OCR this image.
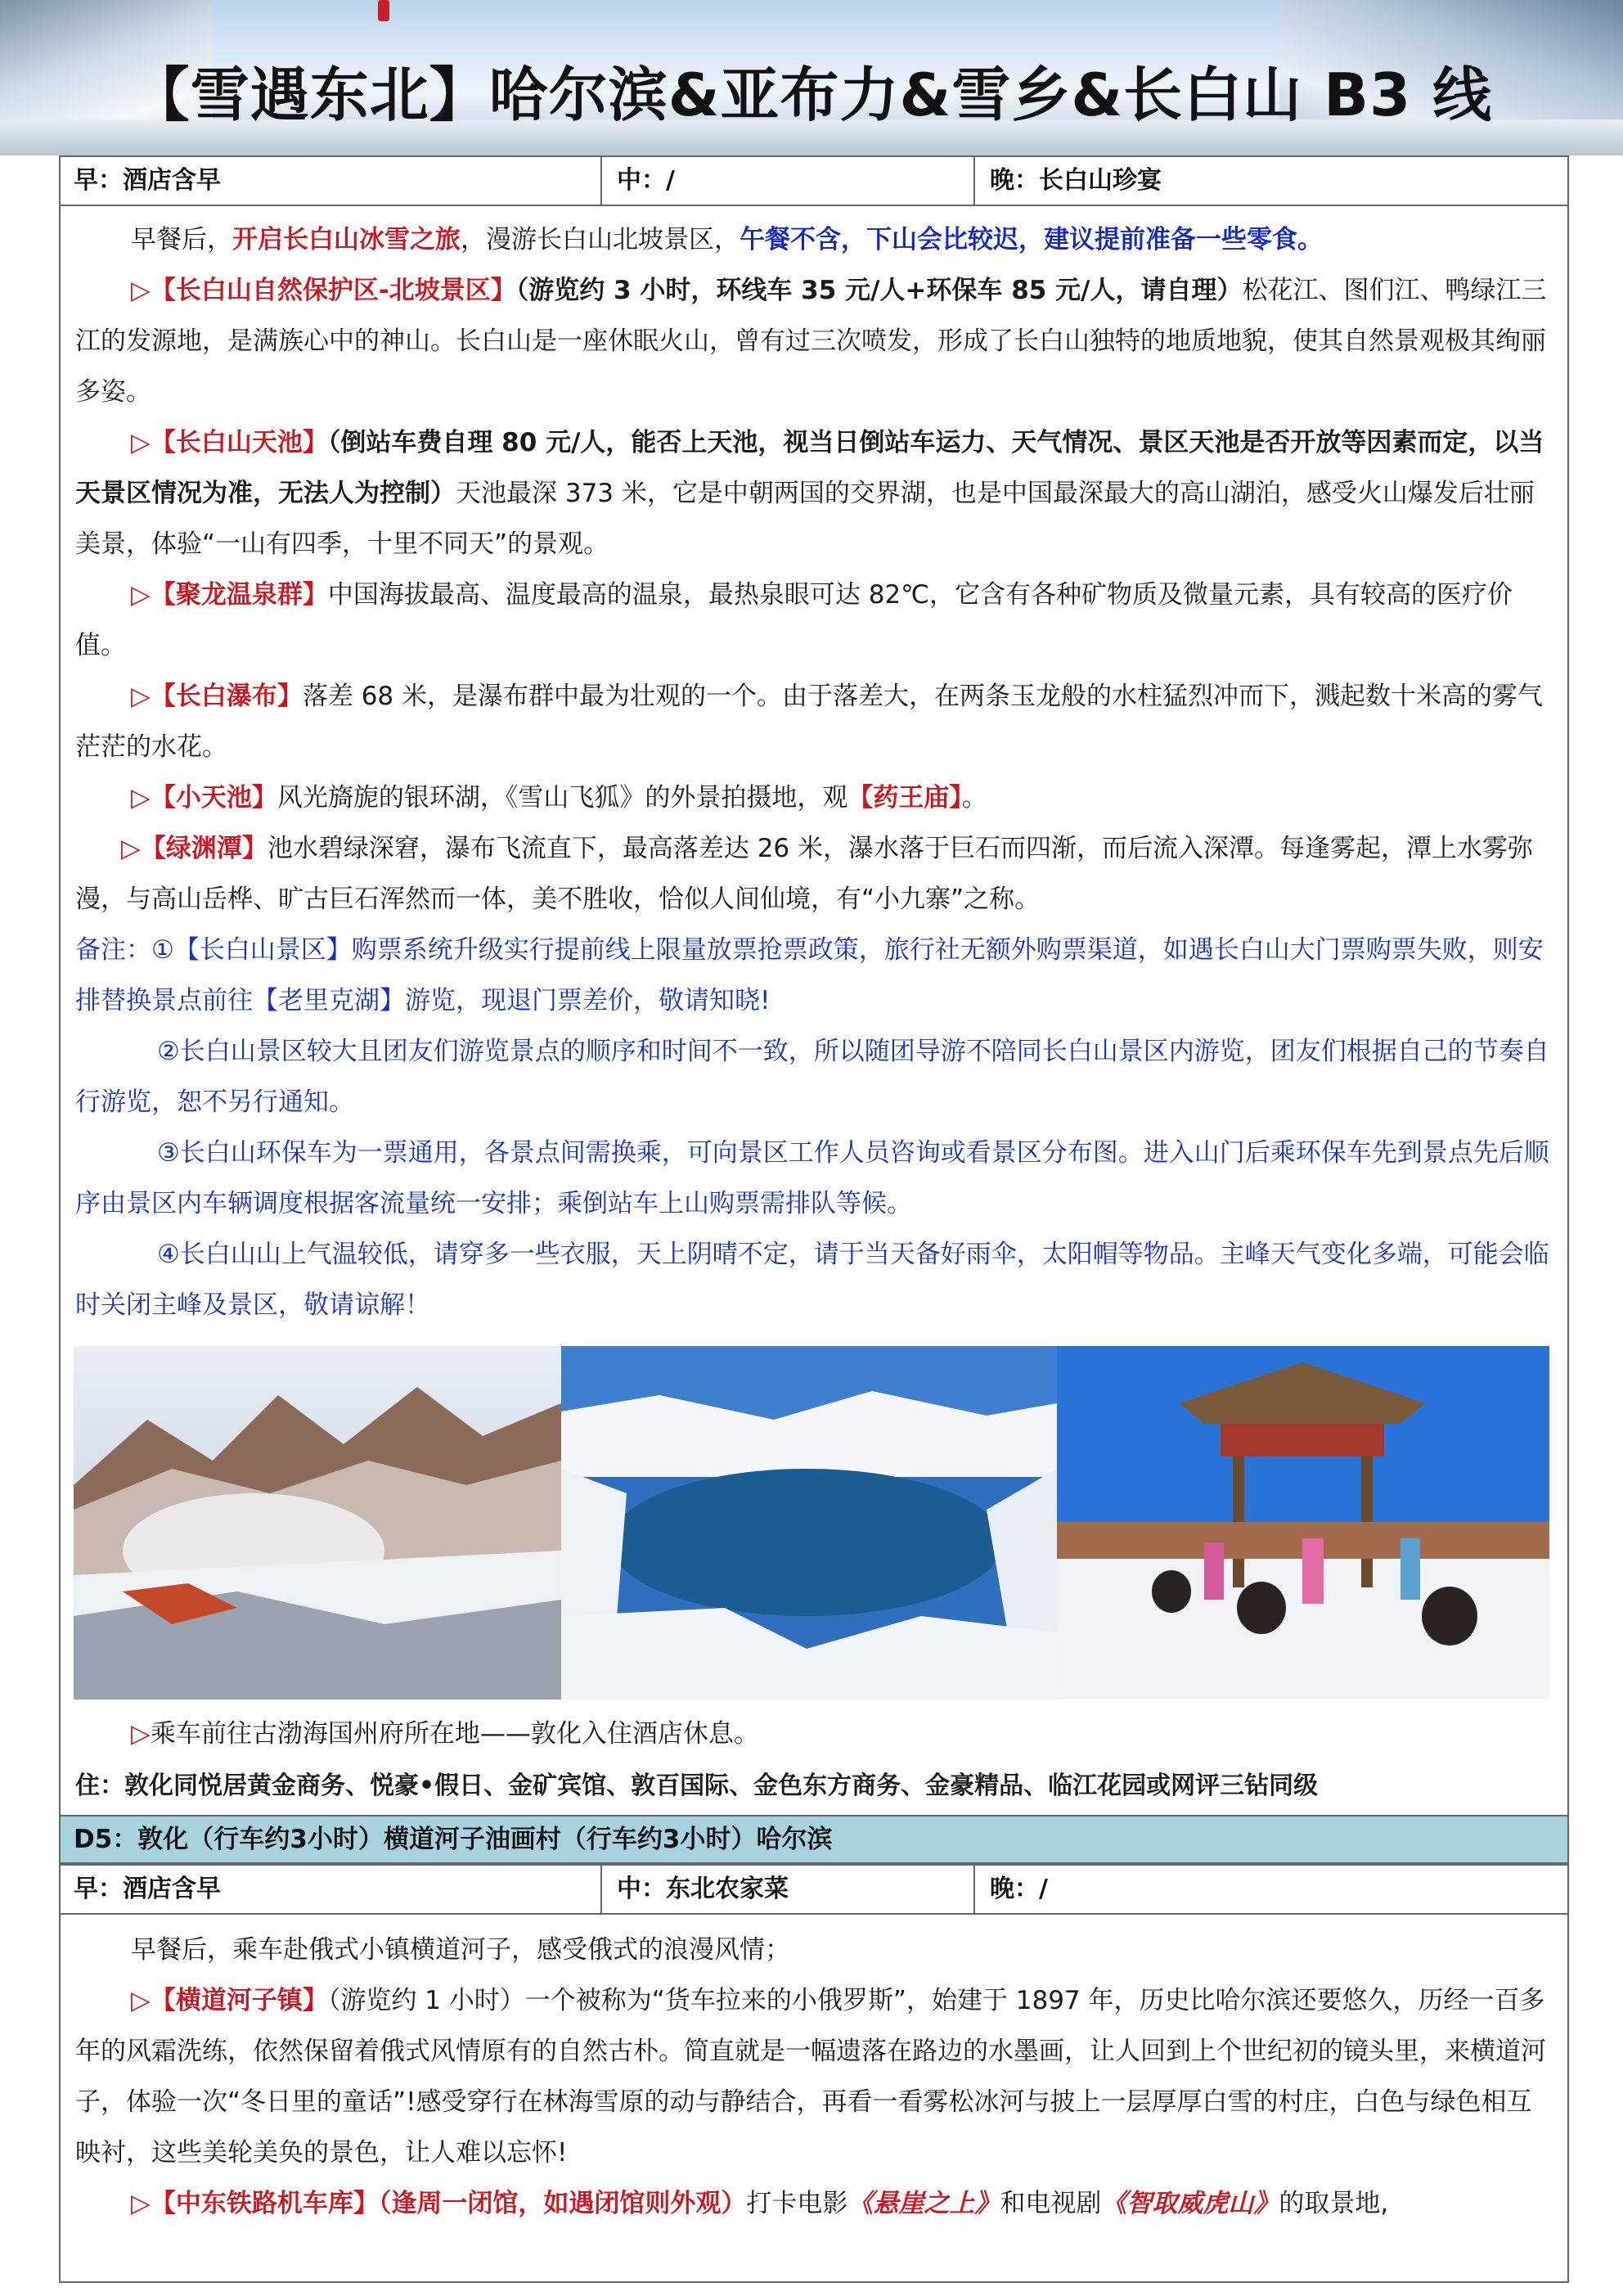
【雪遇东北】哈尔滨&亚布力&雪乡&长白山 B3 线
早：酒店含早	中：/	晚：长白山珍宴

早餐后，开启长白山冰雪之旅，漫游长白山北坡景区，午餐不含，下山会比较迟，建议提前准备一些零食。

▷【长白山自然保护区-北坡景区】（游览约 3 小时，环线车 35 元/人+环保车 85 元/人，请自理）松花江、图们江、鸭绿江三江的发源地，是满族心中的神山。长白山是一座休眠火山，曾有过三次喷发，形成了长白山独特的地质地貌，使其自然景观极其绚丽多姿。

▷【长白山天池】（倒站车费自理 80 元/人，能否上天池，视当日倒站车运力、天气情况、景区天池是否开放等因素而定，以当天景区情况为准，无法人为控制）天池最深 373 米，它是中朝两国的交界湖，也是中国最深最大的高山湖泊，感受火山爆发后壮丽美景，体验“一山有四季，十里不同天”的景观。

▷【聚龙温泉群】中国海拔最高、温度最高的温泉，最热泉眼可达 82℃，它含有各种矿物质及微量元素，具有较高的医疗价值。

▷【长白瀑布】落差 68 米，是瀑布群中最为壮观的一个。由于落差大，在两条玉龙般的水柱猛烈冲而下，溅起数十米高的雾气茫茫的水花。

▷【小天池】风光旖旎的银环湖，《雪山飞狐》的外景拍摄地，观【药王庙】。

▷【绿渊潭】池水碧绿深窘，瀑布飞流直下，最高落差达 26 米，瀑水落于巨石而四渐，而后流入深潭。每逢雾起，潭上水雾弥漫，与高山岳桦、旷古巨石浑然而一体，美不胜收，恰似人间仙境，有“小九寨”之称。

备注：①【长白山景区】购票系统升级实行提前线上限量放票抢票政策，旅行社无额外购票渠道，如遇长白山大门票购票失败，则安排替换景点前往【老里克湖】游览，现退门票差价，敬请知晓!

②长白山景区较大且团友们游览景点的顺序和时间不一致，所以随团导游不陪同长白山景区内游览，团友们根据自己的节奏自行游览，恕不另行通知。

③长白山环保车为一票通用，各景点间需换乘，可向景区工作人员咨询或看景区分布图。进入山门后乘环保车先到景点先后顺序由景区内车辆调度根据客流量统一安排；乘倒站车上山购票需排队等候。

④长白山山上气温较低，请穿多一些衣服，天上阴晴不定，请于当天备好雨伞，太阳帽等物品。主峰天气变化多端，可能会临时关闭主峰及景区，敬请谅解！

▷乘车前往古渤海国州府所在地——敦化入住酒店休息。

住：敦化同悦居黄金商务、悦豪•假日、金矿宾馆、敦百国际、金色东方商务、金豪精品、临江花园或网评三钻同级

D5：敦化（行车约3小时）横道河子油画村（行车约3小时）哈尔滨
早：酒店含早	中：东北农家菜	晚：/

早餐后，乘车赴俄式小镇横道河子，感受俄式的浪漫风情；

▷【横道河子镇】（游览约 1 小时）一个被称为“货车拉来的小俄罗斯”，始建于 1897 年，历史比哈尔滨还要悠久，历经一百多年的风霜洗练，依然保留着俄式风情原有的自然古朴。简直就是一幅遗落在路边的水墨画，让人回到上个世纪初的镜头里，来横道河子，体验一次“冬日里的童话”!感受穿行在林海雪原的动与静结合，再看一看雾松冰河与披上一层厚厚白雪的村庄，白色与绿色相互映衬，这些美轮美奂的景色，让人难以忘怀!

▷【中东铁路机车库】（逢周一闭馆，如遇闭馆则外观）打卡电影《悬崖之上》和电视剧《智取威虎山》的取景地,
